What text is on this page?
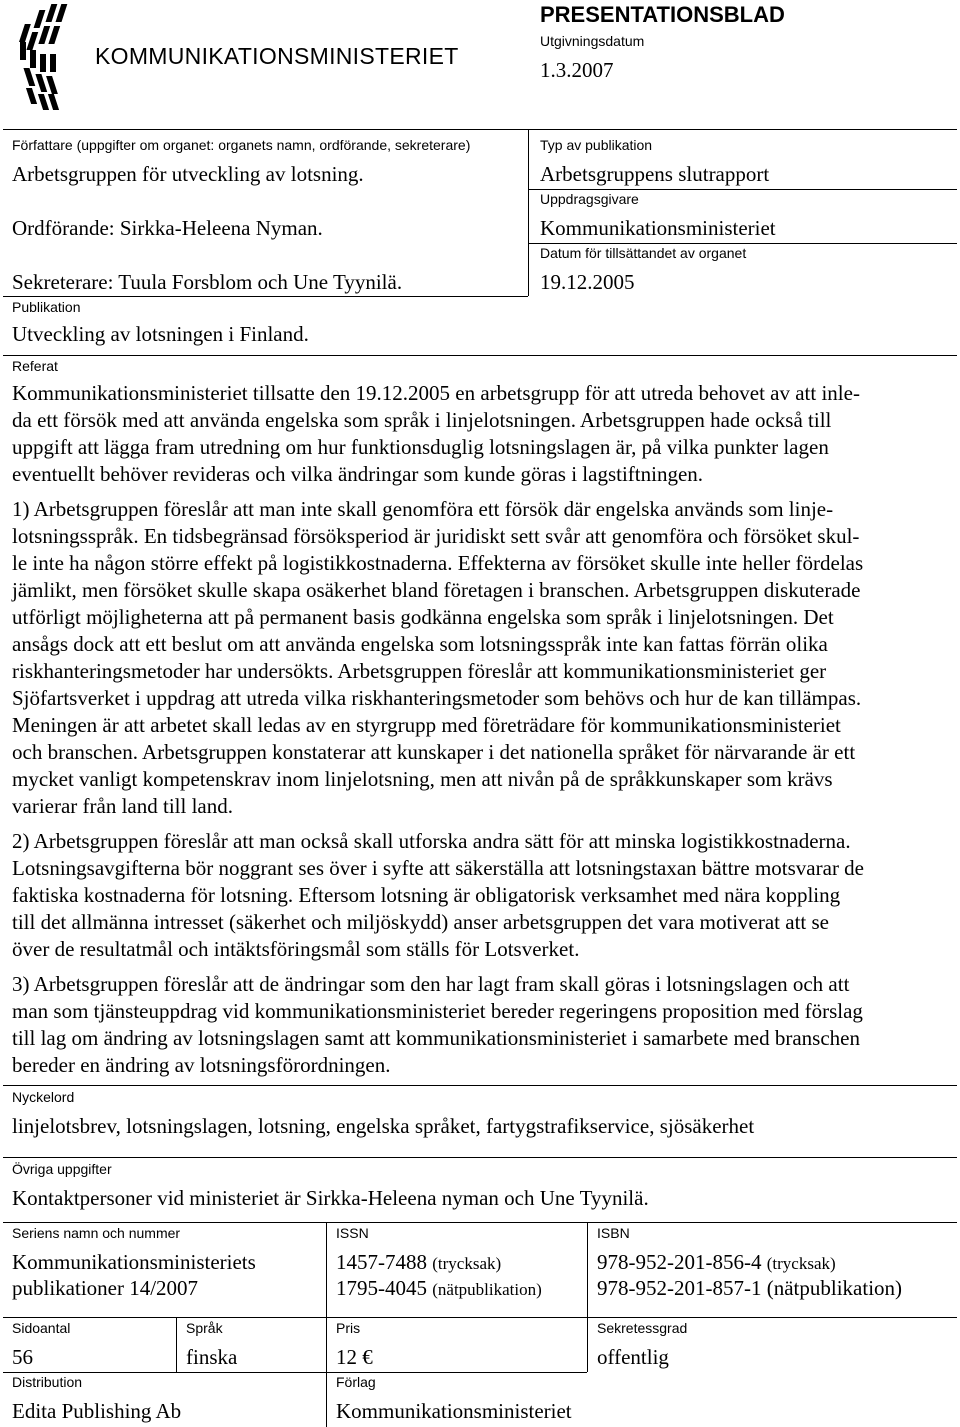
KOMMUNIKATIONSMINISTERIET
PRESENTATIONSBLAD
Utgivningsdatum
1.3.2007
Författare (uppgifter om organet: organets namn, ordförande, sekreterare)
Arbetsgruppen för utveckling av lotsning.
Ordförande: Sirkka-Heleena Nyman.
Sekreterare: Tuula Forsblom och Une Tyynilä.
Publikation
Utveckling av lotsningen i Finland.
Typ av publikation
Arbetsgruppens slutrapport
Uppdragsgivare
Kommunikationsministeriet
Datum för tillsättandet av organet
19.12.2005
Referat
Kommunikationsministeriet tillsatte den 19.12.2005 en arbetsgrupp för att utreda behovet av att inle-
da ett försök med att använda engelska som språk i linjelotsningen. Arbetsgruppen hade också till
uppgift att lägga fram utredning om hur funktionsduglig lotsningslagen är, på vilka punkter lagen
eventuellt behöver revideras och vilka ändringar som kunde göras i lagstiftningen.
1) Arbetsgruppen föreslår att man inte skall genomföra ett försök där engelska används som linje-
lotsningsspråk. En tidsbegränsad försöksperiod är juridiskt sett svår att genomföra och försöket skul-
le inte ha någon större effekt på logistikkostnaderna. Effekterna av försöket skulle inte heller fördelas
jämlikt, men försöket skulle skapa osäkerhet bland företagen i branschen. Arbetsgruppen diskuterade
utförligt möjligheterna att på permanent basis godkänna engelska som språk i linjelotsningen. Det
ansågs dock att ett beslut om att använda engelska som lotsningsspråk inte kan fattas förrän olika
riskhanteringsmetoder har undersökts. Arbetsgruppen föreslår att kommunikationsministeriet ger
Sjöfartsverket i uppdrag att utreda vilka riskhanteringsmetoder som behövs och hur de kan tillämpas.
Meningen är att arbetet skall ledas av en styrgrupp med företrädare för kommunikationsministeriet
och branschen. Arbetsgruppen konstaterar att kunskaper i det nationella språket för närvarande är ett
mycket vanligt kompetenskrav inom linjelotsning, men att nivån på de språkkunskaper som krävs
varierar från land till land.
2) Arbetsgruppen föreslår att man också skall utforska andra sätt för att minska logistikkostnaderna.
Lotsningsavgifterna bör noggrant ses över i syfte att säkerställa att lotsningstaxan bättre motsvarar de
faktiska kostnaderna för lotsning. Eftersom lotsning är obligatorisk verksamhet med nära koppling
till det allmänna intresset (säkerhet och miljöskydd) anser arbetsgruppen det vara motiverat att se
över de resultatmål och intäktsföringsmål som ställs för Lotsverket.
3) Arbetsgruppen föreslår att de ändringar som den har lagt fram skall göras i lotsningslagen och att
man som tjänsteuppdrag vid kommunikationsministeriet bereder regeringens proposition med förslag
till lag om ändring av lotsningslagen samt att kommunikationsministeriet i samarbete med branschen
bereder en ändring av lotsningsförordningen.
Nyckelord
linjelotsbrev, lotsningslagen, lotsning, engelska språket, fartygstrafikservice, sjösäkerhet
Övriga uppgifter
Kontaktpersoner vid ministeriet är Sirkka-Heleena nyman och Une Tyynilä.
Seriens namn och nummer
Kommunikationsministeriets
publikationer 14/2007
ISSN
1457-7488 (trycksak)
1795-4045 (nätpublikation)
ISBN
978-952-201-856-4 (trycksak)
978-952-201-857-1 (nätpublikation)
Sidoantal
56
Språk
finska
Pris
12 €
Sekretessgrad
offentlig
Distribution
Edita Publishing Ab
Förlag
Kommunikationsministeriet
